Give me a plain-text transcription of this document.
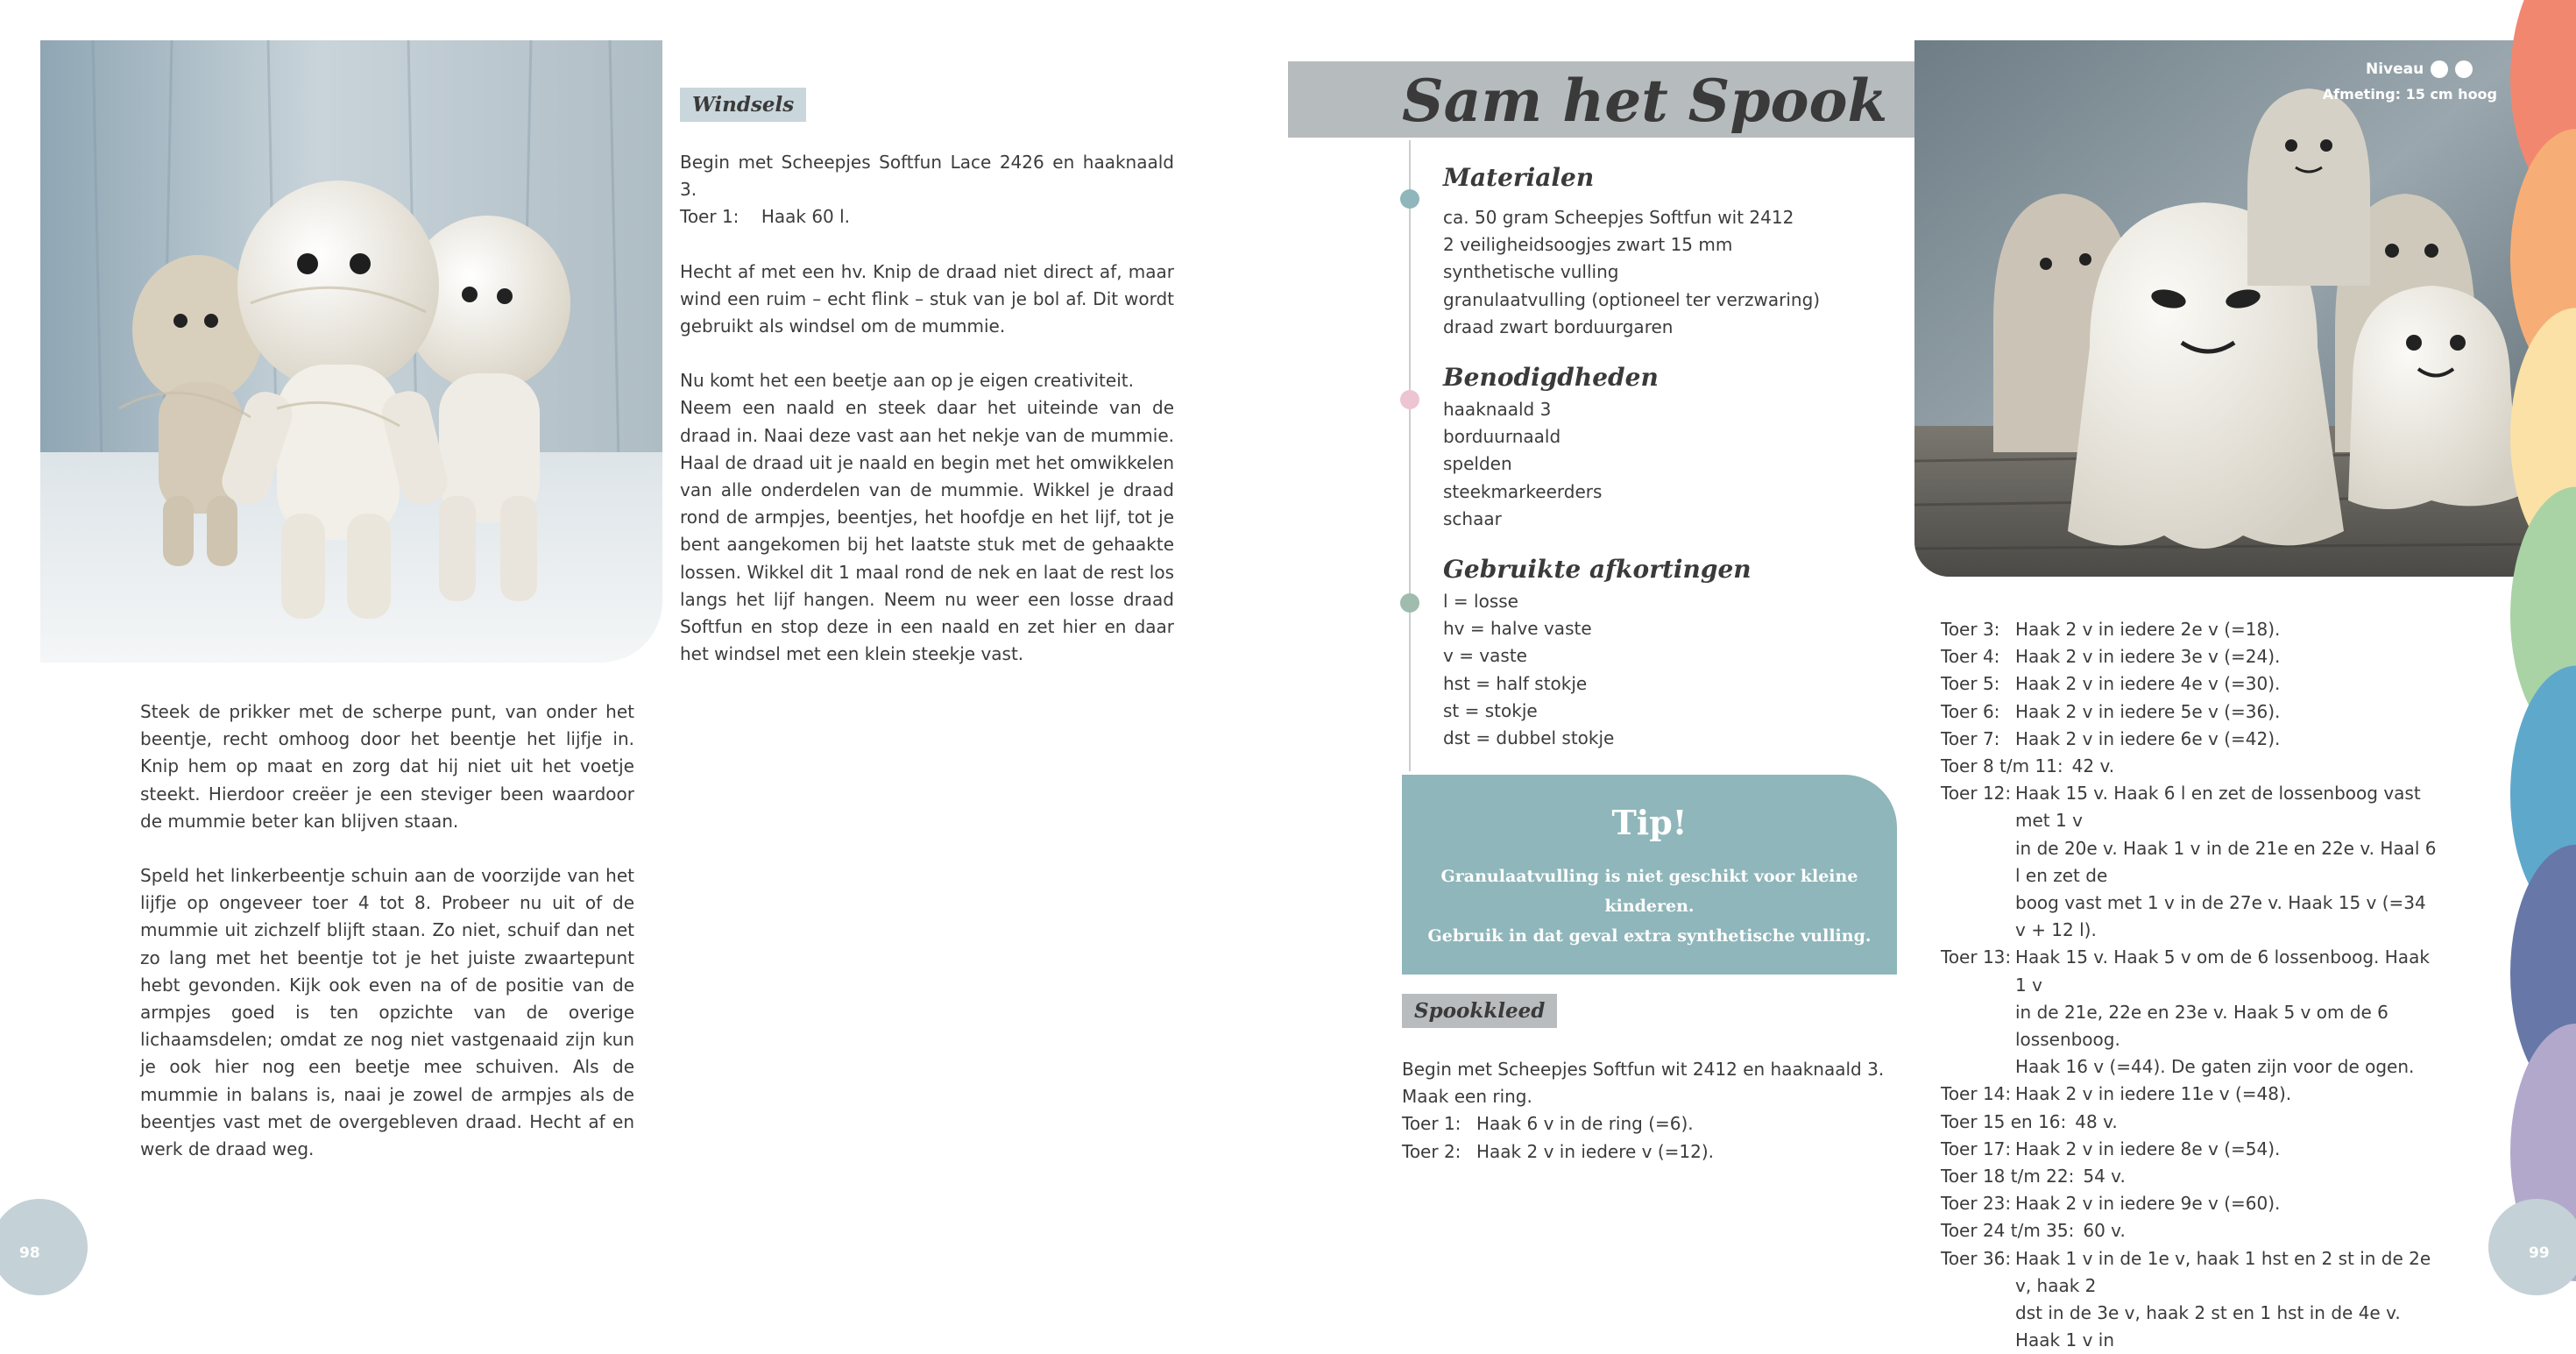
Windsels
Begin met Scheepjes Softfun Lace 2426 en haaknaald 3.
Toer 1:    Haak 60 l.
Hecht af met een hv. Knip de draad niet direct af, maar wind een ruim – echt flink – stuk van je bol af. Dit wordt gebruikt als windsel om de mummie.
Nu komt het een beetje aan op je eigen creativiteit.
Neem een naald en steek daar het uiteinde van de draad in. Naai deze vast aan het nekje van de mummie. Haal de draad uit je naald en begin met het omwikkelen van alle onderdelen van de mummie. Wikkel je draad rond de armpjes, beentjes, het hoofdje en het lijf, tot je bent aangekomen bij het laatste stuk met de gehaakte lossen. Wikkel dit 1 maal rond de nek en laat de rest los langs het lijf hangen. Neem nu weer een losse draad Softfun en stop deze in een naald en zet hier en daar het windsel met een klein steekje vast.
Steek de prikker met de scherpe punt, van onder het beentje, recht omhoog door het beentje het lijfje in. Knip hem op maat en zorg dat hij niet uit het voetje steekt. Hierdoor creëer je een steviger been waardoor de mummie beter kan blijven staan.
Speld het linkerbeentje schuin aan de voorzijde van het lijfje op ongeveer toer 4 tot 8. Probeer nu uit of de mummie uit zichzelf blijft staan. Zo niet, schuif dan net zo lang met het beentje tot je het juiste zwaartepunt hebt gevonden. Kijk ook even na of de positie van de armpjes goed is ten opzichte van de overige lichaamsdelen; omdat ze nog niet vastgenaaid zijn kun je ook hier nog een beetje mee schuiven. Als de mummie in balans is, naai je zowel de armpjes als de beentjes vast met de overgebleven draad. Hecht af en werk de draad weg.
98
Sam het Spook	Niveau
Afmeting: 15 cm hoog
Materialen
ca. 50 gram Scheepjes Softfun wit 2412
2 veiligheidsoogjes zwart 15 mm
synthetische vulling
granulaatvulling (optioneel ter verzwaring)
draad zwart borduurgaren
Benodigdheden
haaknaald 3
borduurnaald
spelden
steekmarkeerders
schaar
Gebruikte afkortingen
l = losse
hv = halve vaste
v = vaste
hst = half stokje
st = stokje
dst = dubbel stokje
Tip!
Granulaatvulling is niet geschikt voor kleine kinderen.
Gebruik in dat geval extra synthetische vulling.
Spookkleed
Begin met Scheepjes Softfun wit 2412 en haaknaald 3.
Maak een ring.
Toer 1: Haak 6 v in de ring (=6).
Toer 2: Haak 2 v in iedere v (=12).
Toer 3: Haak 2 v in iedere 2e v (=18).
Toer 4: Haak 2 v in iedere 3e v (=24).
Toer 5: Haak 2 v in iedere 4e v (=30).
Toer 6: Haak 2 v in iedere 5e v (=36).
Toer 7: Haak 2 v in iedere 6e v (=42).
Toer 8 t/m 11: 42 v.
Toer 12: Haak 15 v. Haak 6 l en zet de lossenboog vast met 1 v
in de 20e v. Haak 1 v in de 21e en 22e v. Haal 6 l en zet de
boog vast met 1 v in de 27e v. Haak 15 v (=34 v + 12 l).
Toer 13: Haak 15 v. Haak 5 v om de 6 lossenboog. Haak 1 v
in de 21e, 22e en 23e v. Haak 5 v om de 6 lossenboog.
Haak 16 v (=44). De gaten zijn voor de ogen.
Toer 14: Haak 2 v in iedere 11e v (=48).
Toer 15 en 16: 48 v.
Toer 17: Haak 2 v in iedere 8e v (=54).
Toer 18 t/m 22: 54 v.
Toer 23: Haak 2 v in iedere 9e v (=60).
Toer 24 t/m 35: 60 v.
Toer 36: Haak 1 v in de 1e v, haak 1 hst en 2 st in de 2e v, haak 2
dst in de 3e v, haak 2 st en 1 hst in de 4e v. Haak 1 v in
99
